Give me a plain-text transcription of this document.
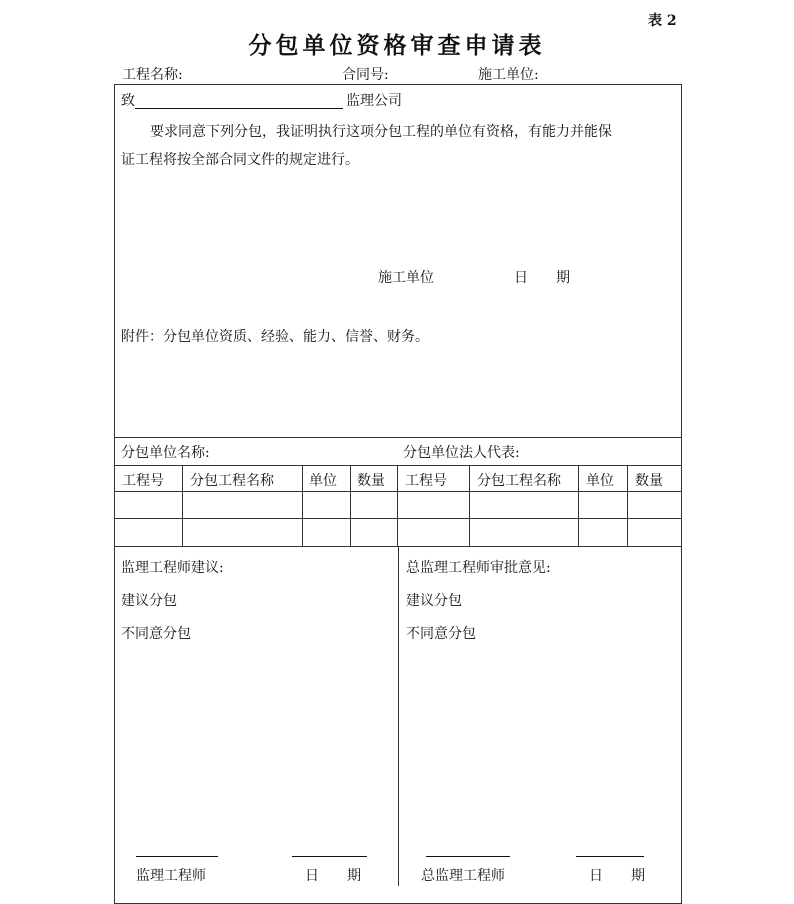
表 2
分包单位资格审查申请表
工程名称:	合同号:	施工单位:
致	监理公司
要求同意下列分包，我证明执行这项分包工程的单位有资格，有能力并能保
证工程将按全部合同文件的规定进行。
施工单位	日　　期
附件：分包单位资质、经验、能力、信誉、财务。
分包单位名称:	分包单位法人代表:
工程号 分包工程名称	单位 数量 工程号 分包工程名称 单位 数量
监理工程师建议:
建议分包
不同意分包
总监理工程师审批意见:
建议分包
不同意分包
监理工程师	日　　期	总监理工程师	日　　期
